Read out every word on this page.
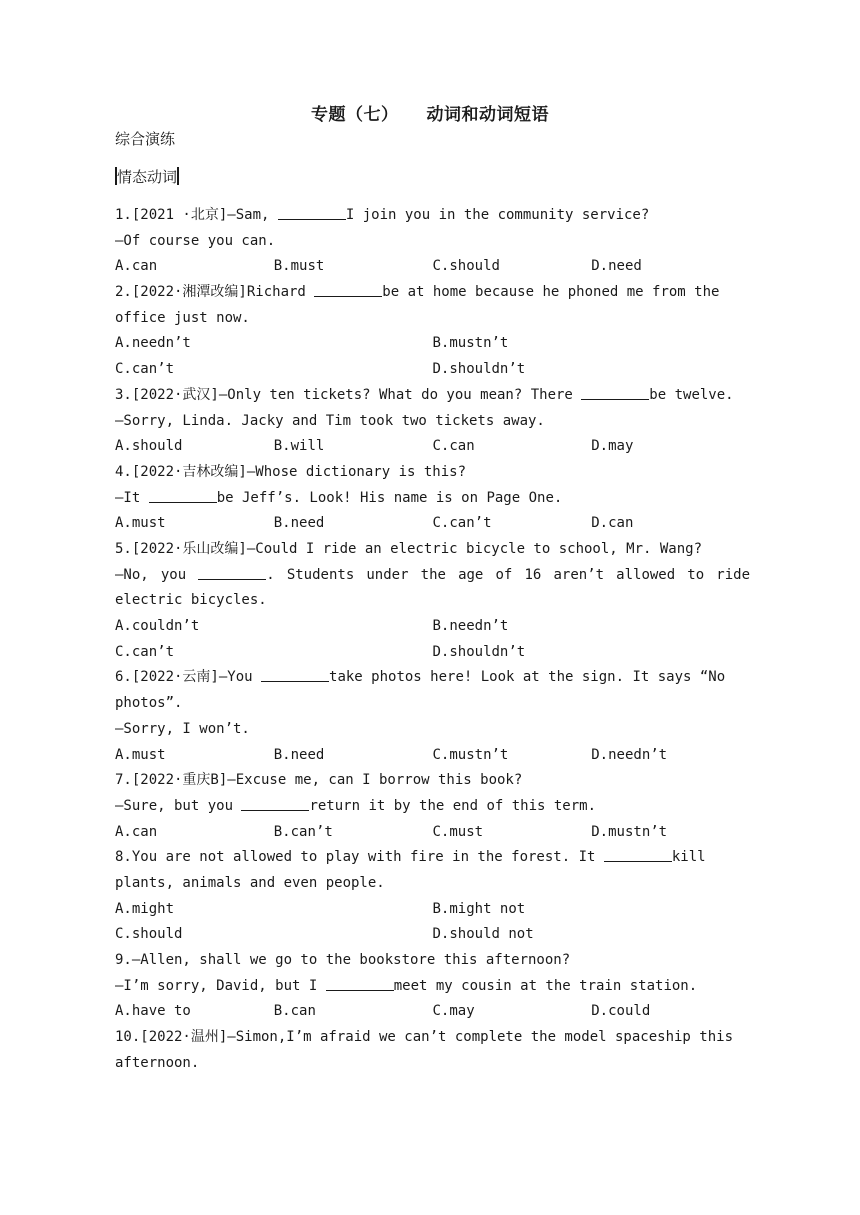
专题（七） 动词和动词短语
综合演练
情态动词
1.[2021 ·北京]—Sam,	I join you in the community service?
—Of course you can.
A.can	B.must	C.should	D.need
2.[2022·湘潭改编]Richard	be at home because he phoned me from the office just now.
A.needn’t	B.mustn’t
C.can’t	D.shouldn’t
3.[2022·武汉]—Only ten tickets? What do you mean? There	be twelve.
—Sorry, Linda. Jacky and Tim took two tickets away.
A.should	B.will	C.can	D.may
4.[2022·吉林改编]—Whose dictionary is this?
—It	be Jeff’s. Look! His name is on Page One.
A.must	B.need	C.can’t	D.can
5.[2022·乐山改编]—Could I ride an electric bicycle to school, Mr. Wang?
—No, you	. Students under the age of 16 aren’t allowed to ride electric bicycles.
A.couldn’t	B.needn’t
C.can’t	D.shouldn’t
6.[2022·云南]—You	take photos here! Look at the sign. It says “No photos”.
—Sorry, I won’t.
A.must	B.need	C.mustn’t	D.needn’t
7.[2022·重庆B]—Excuse me, can I borrow this book?
—Sure, but you	return it by the end of this term.
A.can	B.can’t	C.must	D.mustn’t
8.You are not allowed to play with fire in the forest. It	kill plants, animals and even people.
A.might	B.might not
C.should	D.should not
9.—Allen, shall we go to the bookstore this afternoon?
—I’m sorry, David, but I	meet my cousin at the train station.
A.have to	B.can	C.may	D.could
10.[2022·温州]—Simon,I’m afraid we can’t complete the model spaceship this afternoon.
